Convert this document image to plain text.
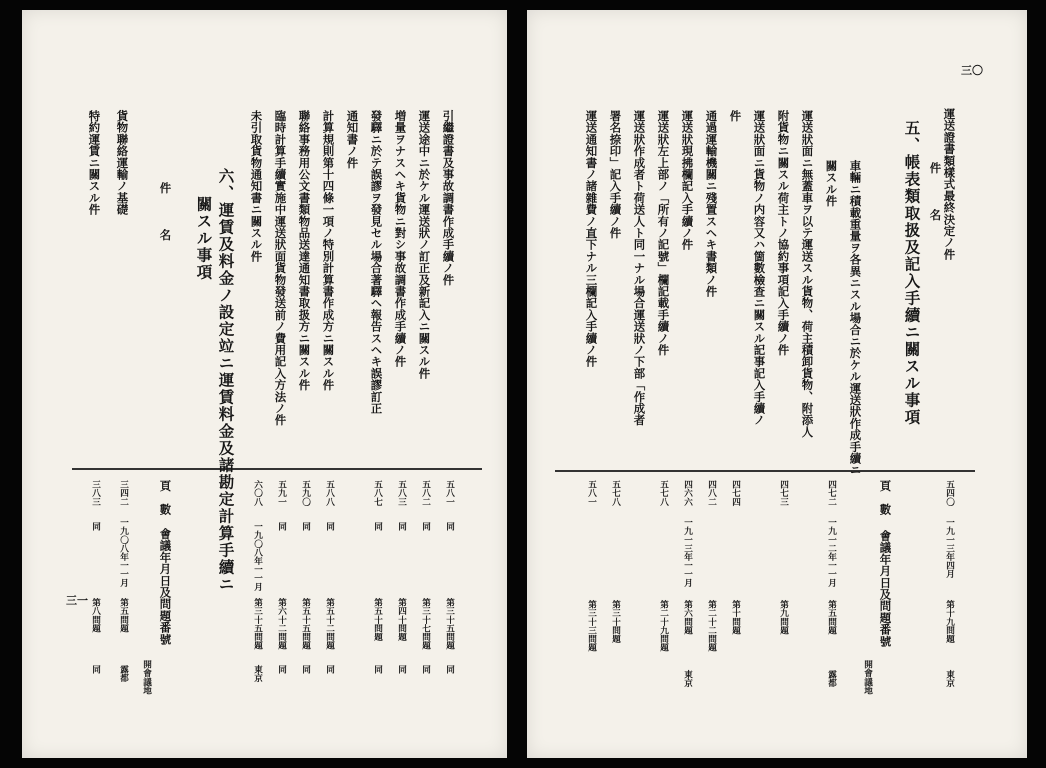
三〇
五、帳表類取扱及記入手續ニ關スル事項 件　　　名
頁　數
會議年月日及問題番號
開會議地
運送證書類樣式最終決定ノ件
五四〇
一九一三年四月
第十九問題
東京
車輛ニ積載重量ヲ各異ニスル場合ニ於ケル運送狀作成手續ニ
關スル件
四七二
一九一二年一一月
第五問題
露都
運送狀面ニ無蓋車ヲ以テ運送スル貨物、荷主積卸貨物、附添人
附貨物ニ關スル荷主トノ協約事項記入手續ノ件
四七三
第九問題
運送狀面ニ貨物ノ内容又ハ箇數檢査ニ關スル記事記入手續ノ
件
四七四
第十問題
通過運輸機關ニ殘置スヘキ書類ノ件
四八二
第二十二問題
運送狀現拂欄記入手續ノ件
四六六
一九一三年一一月
第六問題
東京
運送狀左上部ノ「所有ノ記號」欄記載手續ノ件
五七八
第二十九問題
運送狀作成者ト荷送人ト同一ナル場合運送狀ノ下部「作成者
署名捺印」記入手續ノ件
五七八
第三十問題
運送通知書ノ諸雜費ノ直下ナル三欄記入手續ノ件
五八一
第三十三問題
三一
引繼證書及事故調書作成手續ノ件
五八一
同
第三十五問題
同
運送途中ニ於ケル運送狀ノ訂正及新記入ニ關スル件
五八二
同
第三十七問題
同
増量ヲナスヘキ貨物ニ對シ事故調書作成手續ノ件
五八三
同
第四十問題
同
發驛ニ於テ誤謬ヲ發見セル場合著驛ヘ報告スヘキ誤謬訂正
五八七
同
第五十問題
同
通知書ノ件
計算規則第十四條一項ノ特別計算書作成方ニ關スル件
五八八
同
第五十二問題
同
聯絡事務用公文書類物品送達通知書取扱方ニ關スル件
五九〇
同
第五十五問題
同
臨時計算手續實施中運送狀面貨物發送前ノ費用記入方法ノ件
五九一
同
第六十二問題
同
未引取貨物通知書ニ關スル件
六〇八
一九〇八年一一月
第三十五問題
東京
六、運賃及料金ノ設定竝ニ運賃料金及諸勘定計算手續ニ
關スル事項
件　　　名
頁　數
會議年月日及問題番號
開會議地
貨物聯絡運輸ノ基礎
三四二
一九〇八年一一月
第五問題
露都
特約運賃ニ關スル件
三八三
同
第八問題
同
